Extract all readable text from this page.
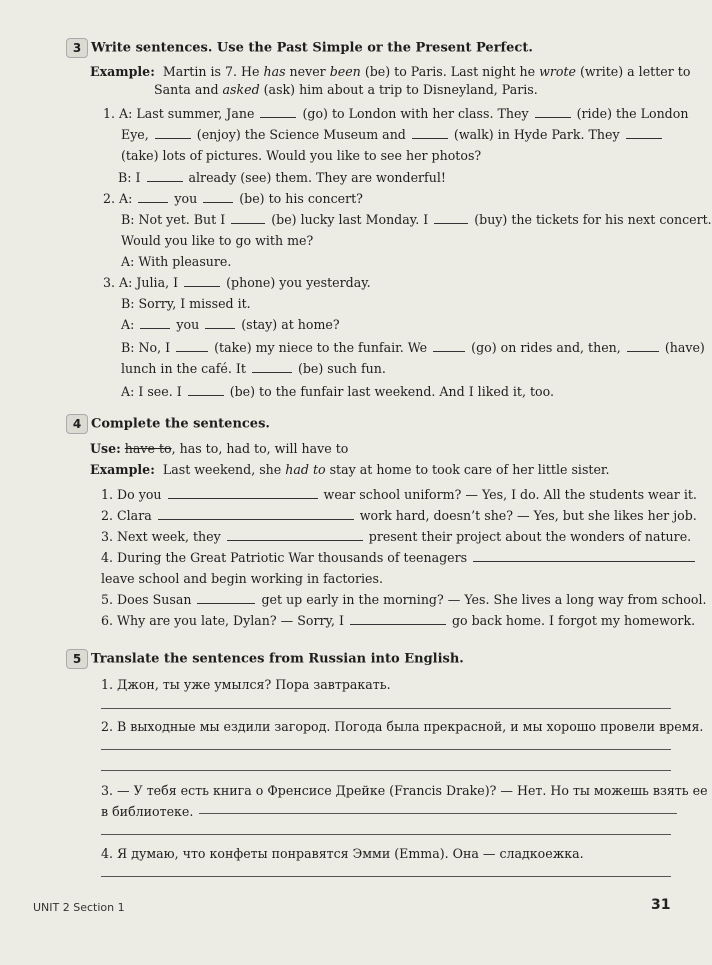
3 Write sentences. Use the Past Simple or the Present Perfect.
Example: Martin is 7. He has never been (be) to Paris. Last night he wrote (write) a letter to
Santa and asked (ask) him about a trip to Disneyland, Paris.
1. A: Last summer, Jane	(go) to London with her class. They	(ride) the London
Eye,	(enjoy) the Science Museum and	(walk) in Hyde Park. They
(take) lots of pictures. Would you like to see her photos?
B: I	already (see) them. They are wonderful!
2. A:	you	(be) to his concert?
B: Not yet. But I	(be) lucky last Monday. I	(buy) the tickets for his next concert.
Would you like to go with me?
A: With pleasure.
3. A: Julia, I	(phone) you yesterday.
B: Sorry, I missed it.
A:	you	(stay) at home?
B: No, I	(take) my niece to the funfair. We	(go) on rides and, then,	(have)
lunch in the café. It	(be) such fun.
A: I see. I	(be) to the funfair last weekend. And I liked it, too.
4 Complete the sentences.
Use: have to, has to, had to, will have to
Example: Last weekend, she had to stay at home to took care of her little sister.
1. Do you	wear school uniform? — Yes, I do. All the students wear it.
2. Clara	work hard, doesn’t she? — Yes, but she likes her job.
3. Next week, they	present their project about the wonders of nature.
4. During the Great Patriotic War thousands of teenagers
leave school and begin working in factories.
5. Does Susan	get up early in the morning? — Yes. She lives a long way from school.
6. Why are you late, Dylan? — Sorry, I	go back home. I forgot my homework.
5 Translate the sentences from Russian into English.
1. Джон, ты уже умылся? Пора завтракать.
2. В выходные мы ездили загород. Погода была прекрасной, и мы хорошо провели время.
3. — У тебя есть книга о Френсисе Дрейке (Francis Drake)? — Нет. Но ты можешь взять ее
в библиотеке.
4. Я думаю, что конфеты понравятся Эмми (Emma). Она — сладкоежка.
UNIT 2 Section 1	31
